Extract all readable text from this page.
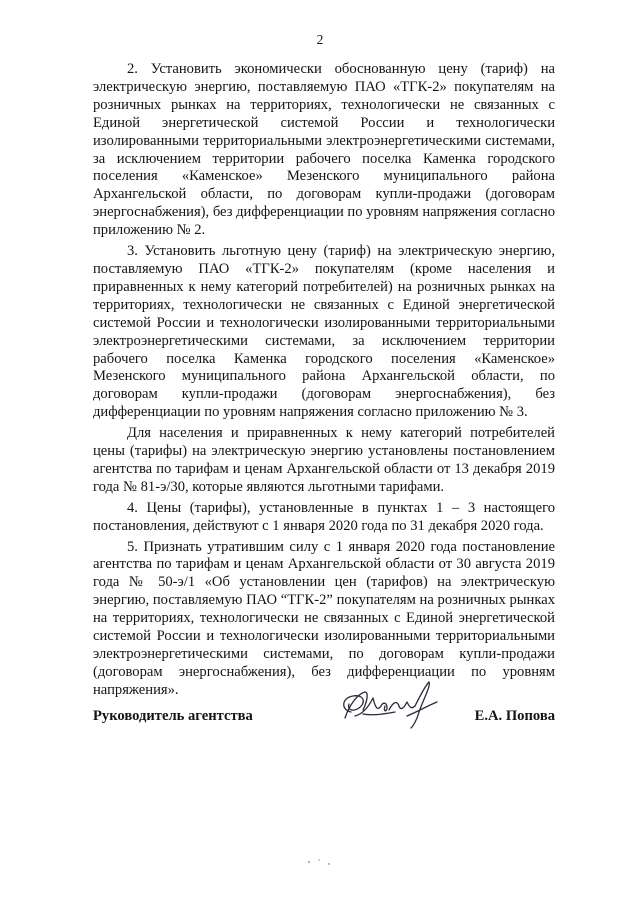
2

2. Установить экономически обоснованную цену (тариф) на электрическую энергию, поставляемую ПАО «ТГК-2» покупателям на розничных рынках на территориях, технологически не связанных с Единой энергетической системой России и технологически изолированными территориальными электроэнергетическими системами, за исключением территории рабочего поселка Каменка городского поселения «Каменское» Мезенского муниципального района Архангельской области, по договорам купли-продажи (договорам энергоснабжения), без дифференциации по уровням напряжения согласно приложению № 2.

3. Установить льготную цену (тариф) на электрическую энергию, поставляемую ПАО «ТГК-2» покупателям (кроме населения и приравненных к нему категорий потребителей) на розничных рынках на территориях, технологически не связанных с Единой энергетической системой России и технологически изолированными территориальными электроэнергетическими системами, за исключением территории рабочего поселка Каменка городского поселения «Каменское» Мезенского муниципального района Архангельской области, по договорам купли-продажи (договорам энергоснабжения), без дифференциации по уровням напряжения согласно приложению № 3.

Для населения и приравненных к нему категорий потребителей цены (тарифы) на электрическую энергию установлены постановлением агентства по тарифам и ценам Архангельской области от 13 декабря 2019 года № 81-э/30, которые являются льготными тарифами.

4. Цены (тарифы), установленные в пунктах 1 – 3 настоящего постановления, действуют с 1 января 2020 года по 31 декабря 2020 года.

5. Признать утратившим силу с 1 января 2020 года постановление агентства по тарифам и ценам Архангельской области от 30 августа 2019 года № 50-э/1 «Об установлении цен (тарифов) на электрическую энергию, поставляемую ПАО “ТГК-2” покупателям на розничных рынках на территориях, технологически не связанных с Единой энергетической системой России и технологически изолированными территориальными электроэнергетическими системами, по договорам купли-продажи (договорам энергоснабжения), без дифференциации по уровням напряжения».

Руководитель агентства	Е.А. Попова
